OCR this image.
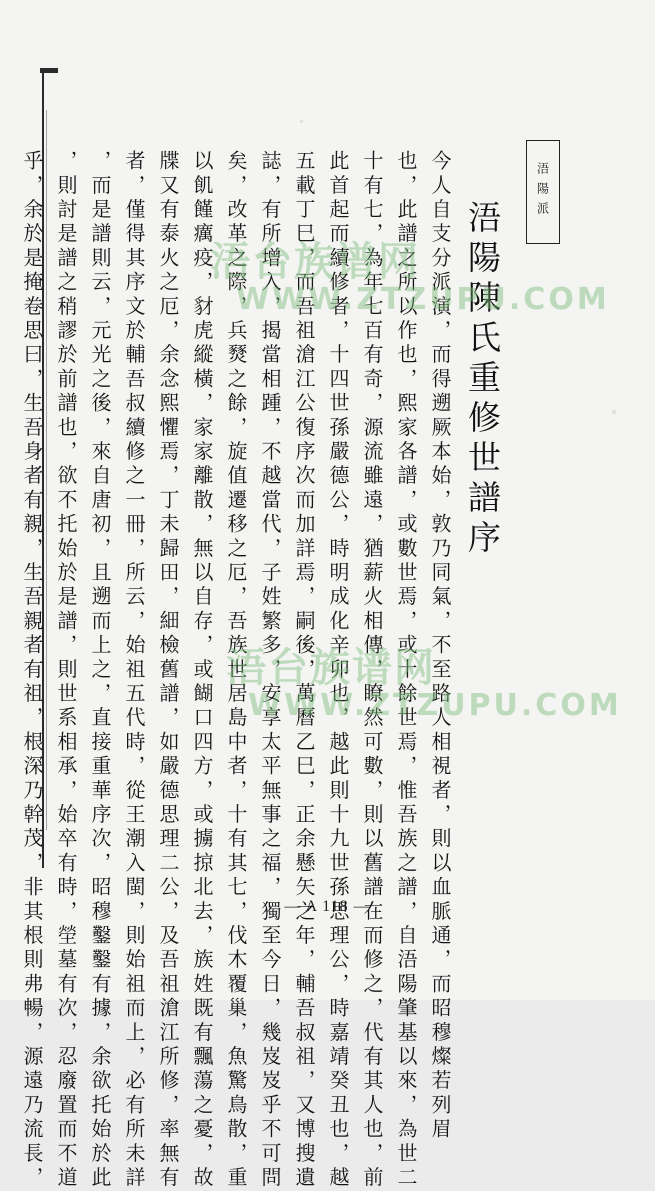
浯陽派
浯陽陳氏重修世譜序
今人自支分派演，而得遡厥本始，敦乃同氣，不至路人相視者，則以血脈通，而昭穆燦若列眉
也，此譜之所以作也，熙家各譜，或數世焉，或十餘世焉，惟吾族之譜，自浯陽肇基以來，為世二
十有七，為年七百有奇，源流雖遠，猶薪火相傳，瞭然可數，則以舊譜在而修之，代有其人也，前
此首起而續修者，十四世孫嚴德公，時明成化辛卯也，越此則十九世孫思理公，時嘉靖癸丑也，越
五載丁巳，而吾祖滄江公復序次而加詳焉，嗣後，萬曆乙巳，正余懸矢之年，輔吾叔祖，又博搜遺
誌，有所增入，揭當相踵，不越當代，子姓繁多，安享太平無事之福，獨至今日，幾岌岌乎不可問
矣，改革之際，兵燹之餘，旋值遷移之厄，吾族世居島中者，十有其七，伐木覆巢，魚驚鳥散，重
以飢饉癘疫，豺虎縱橫，家家離散，無以自存，或餬口四方，或擄掠北去，族姓既有飄蕩之憂，故
牒又有泰火之厄，余念熙懼焉，丁未歸田，細檢舊譜，如嚴德思理二公，及吾祖滄江所修，率無有
者，僅得其序文於輔吾叔續修之一冊，所云，始祖五代時，從王潮入閩，則始祖而上，必有所未詳
，而是譜則云，元光之後，來自唐初，且遡而上之，直接重華序次，昭穆鑿鑿有據，余欲托始於此
，則討是譜之稍謬於前譜也，欲不托始於是譜，則世系相承，始卒有時，塋墓有次，忍廢置而不道
乎，余於是掩卷思曰，生吾身者有親，生吾親者有祖，根深乃幹茂，非其根則弗暢，源遠乃流長，	浯台族谱网
WWW.ZTZUPU.COM
浯台族谱网
WWW.ZTZUPU.COM
— A 118 —
